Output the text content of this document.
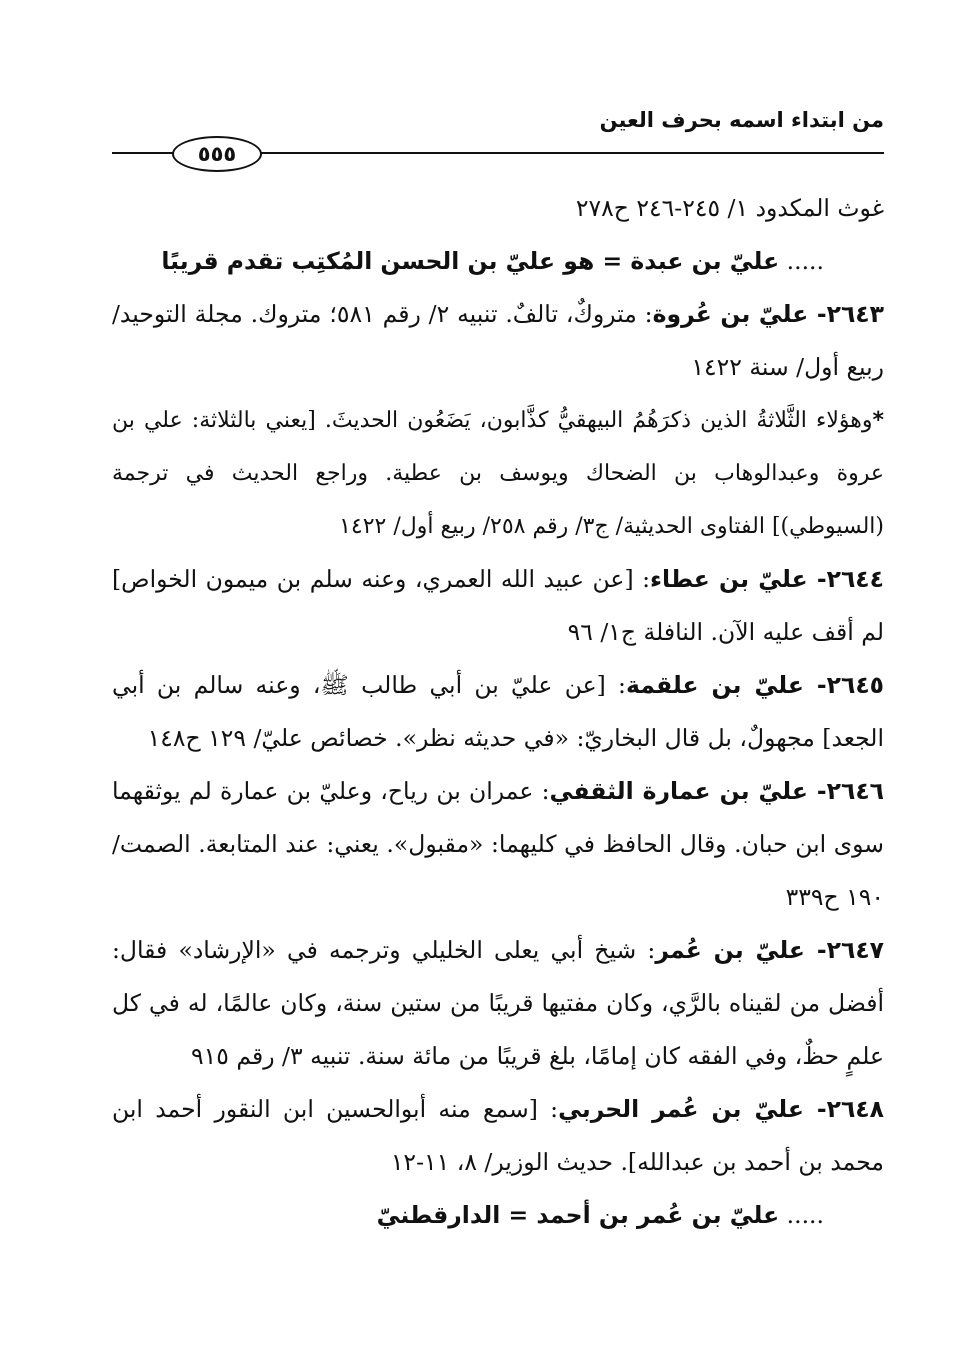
من ابتداء اسمه بحرف العين
٥٥٥

غوث المكدود ١/ ٢٤٥-٢٤٦ ح٢٧٨

..... عليّ بن عبدة = هو عليّ بن الحسن المُكتِب تقدم قريبًا

٢٦٤٣- عليّ بن عُروة: متروكٌ، تالفٌ. تنبيه ٢/ رقم ٥٨١؛ متروك. مجلة التوحيد/ ربيع أول/ سنة ١٤٢٢

*وهؤلاء الثَّلاثةُ الذين ذكرَهُمُ البيهقيُّ كذَّابون، يَضَعُون الحديثَ. [يعني بالثلاثة: علي بن عروة وعبدالوهاب بن الضحاك ويوسف بن عطية. وراجع الحديث في ترجمة (السيوطي)] الفتاوى الحديثية/ ج٣/ رقم ٢٥٨/ ربيع أول/ ١٤٢٢

٢٦٤٤- عليّ بن عطاء: [عن عبيد الله العمري، وعنه سلم بن ميمون الخواص] لم أقف عليه الآن. النافلة ج١/ ٩٦

٢٦٤٥- عليّ بن علقمة: [عن عليّ بن أبي طالب ﷺ، وعنه سالم بن أبي الجعد] مجهولٌ، بل قال البخاريّ: «في حديثه نظر». خصائص عليّ/ ١٢٩ ح١٤٨

٢٦٤٦- عليّ بن عمارة الثقفي: عمران بن رياح، وعليّ بن عمارة لم يوثقهما سوى ابن حبان. وقال الحافظ في كليهما: «مقبول». يعني: عند المتابعة. الصمت/ ١٩٠ ح٣٣٩

٢٦٤٧- عليّ بن عُمر: شيخ أبي يعلى الخليلي وترجمه في «الإرشاد» فقال: أفضل من لقيناه بالرَّي، وكان مفتيها قريبًا من ستين سنة، وكان عالمًا، له في كل علمٍ حظٌ، وفي الفقه كان إمامًا، بلغ قريبًا من مائة سنة. تنبيه ٣/ رقم ٩١٥

٢٦٤٨- عليّ بن عُمر الحربي: [سمع منه أبوالحسين ابن النقور أحمد ابن محمد بن أحمد بن عبدالله]. حديث الوزير/ ٨، ١١-١٢

..... عليّ بن عُمر بن أحمد = الدارقطنيّ
